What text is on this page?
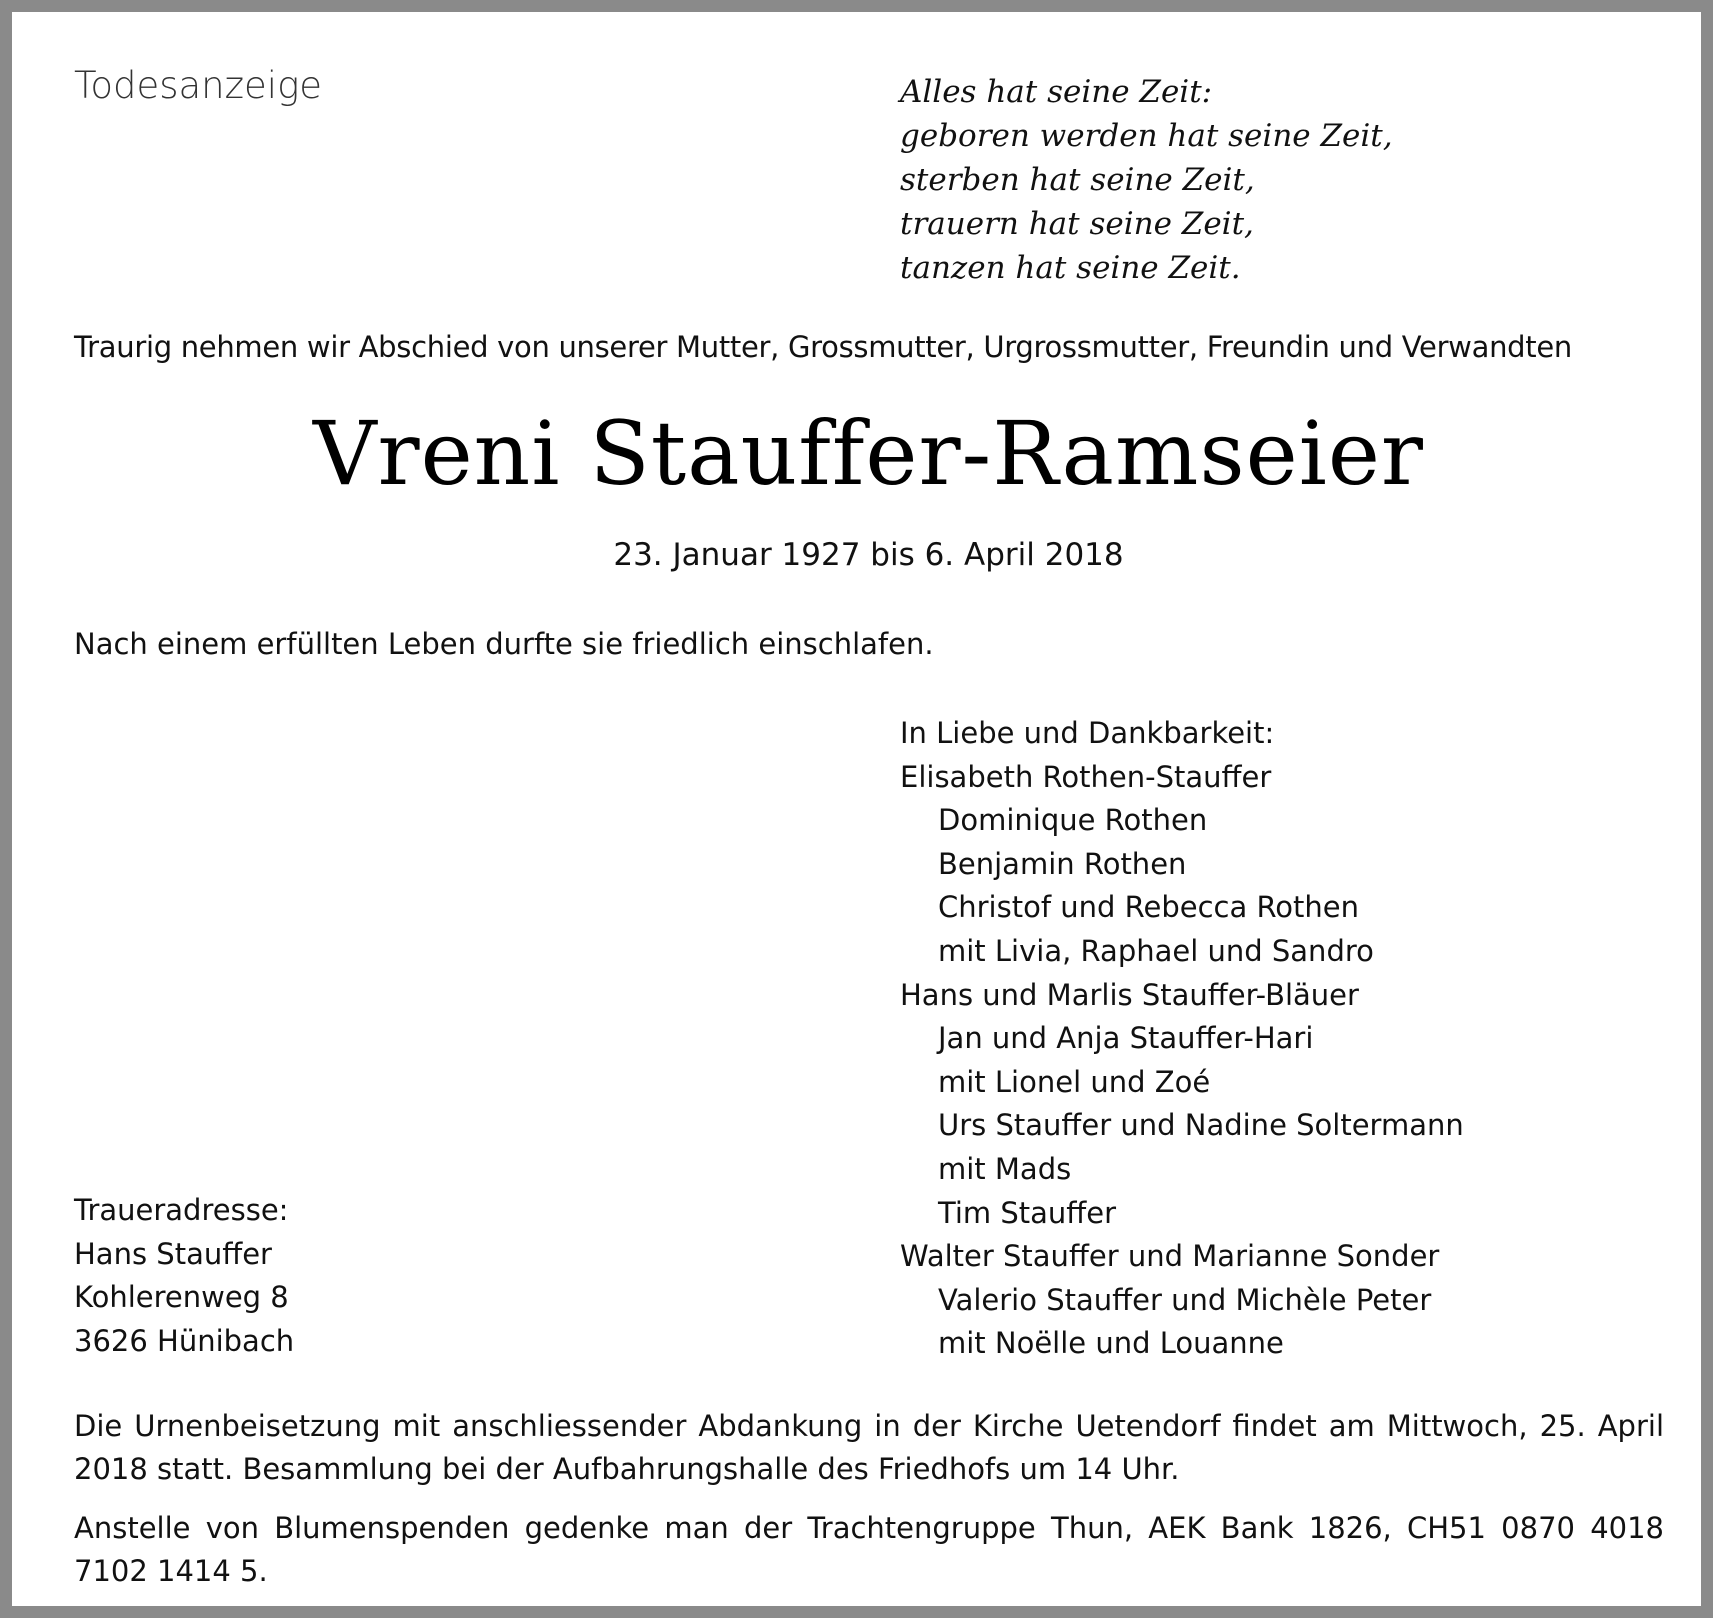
Todesanzeige	Alles hat seine Zeit:
geboren werden hat seine Zeit,
sterben hat seine Zeit,
trauern hat seine Zeit,
tanzen hat seine Zeit.
Traurig nehmen wir Abschied von unserer Mutter, Grossmutter, Urgrossmutter, Freundin und Verwandten
Vreni Stauffer-Ramseier
23. Januar 1927 bis 6. April 2018
Nach einem erfüllten Leben durfte sie friedlich einschlafen.
In Liebe und Dankbarkeit:
Elisabeth Rothen-Stauffer
Dominique Rothen
Benjamin Rothen
Christof und Rebecca Rothen
mit Livia, Raphael und Sandro
Hans und Marlis Stauffer-Bläuer
Jan und Anja Stauffer-Hari
mit Lionel und Zoé
Urs Stauffer und Nadine Soltermann
mit Mads
Tim Stauffer
Walter Stauffer und Marianne Sonder
Valerio Stauffer und Michèle Peter
mit Noëlle und Louanne
Traueradresse:
Hans Stauffer
Kohlerenweg 8
3626 Hünibach
Die Urnenbeisetzung mit anschliessender Abdankung in der Kirche Uetendorf findet am Mittwoch, 25. April 2018 statt. Besammlung bei der Aufbahrungshalle des Friedhofs um 14 Uhr.
Anstelle von Blumenspenden gedenke man der Trachtengruppe Thun, AEK Bank 1826, CH51 0870 4018 7102 1414 5.
